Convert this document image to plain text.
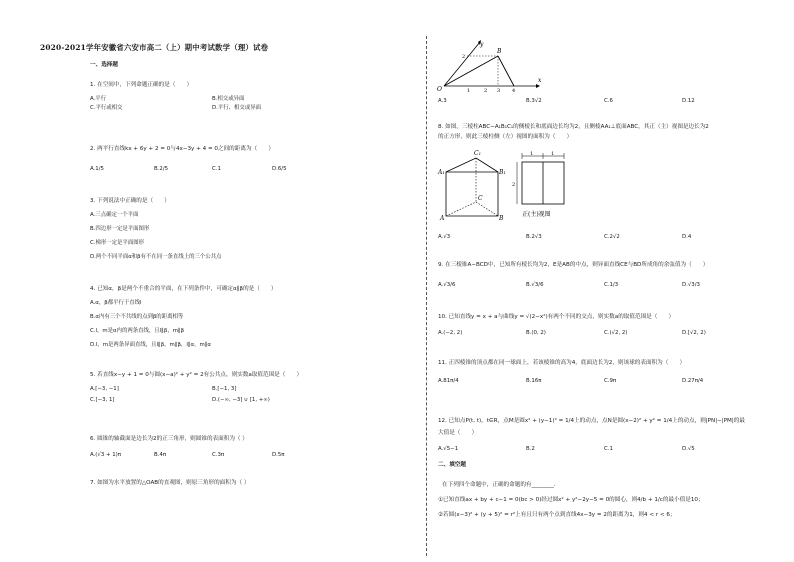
2020-2021学年安徽省六安市高二（上）期中考试数学（理）试卷
一、选择题
1. 在空间中，下列命题正确的是（　　）
A.平行	B.相交或异面
C.平行或相交	D.平行、相交或异面
2. 两平行直线kx + 6y + 2 = 0与4x−3y + 4 = 0之间的距离为（　　）
A.1/5	B.2/5	C.1	D.6/5
3. 下列说法中正确的是（　　）
A.三点确定一个平面
B.四边形一定是平面图形
C.梯形一定是平面图形
D.两个不同平面α和β有不在同一条直线上的三个公共点
4. 已知α，β是两个不重合的平面，在下列条件中，可确定α∥β的是（　　）
A.α，β都平行于直线l
B.α内有三个不共线的点到β的距离相等
C.l，m是α内的两条直线，且l∥β，m∥β
D.l，m是两条异面直线，且l∥β，m∥β，l∥α，m∥α
5. 若直线x−y + 1 = 0与圆(x−a)² + y² = 2有公共点，则实数a取值范围是（　　）
A.[−3, −1]	B.[−1, 3]
C.[−3, 1]	D.(−∞, −3] ∪ [1, +∞)
6. 圆锥的轴截面是边长为2的正三角形，则圆锥的表面积为（ ）
A.(√3 + 1)π	B.4π	C.3π	D.5π
7. 如图为水平放置的△OAB的直观图，则原三角形的面积为（ ）
y
x
O
B
2
1	2 3 4
A.3	B.3√2	C.6	D.12
8. 如图，三棱柱ABC−A₁B₁C₁的侧棱长和底面边长均为2，且侧棱AA₁⊥底面ABC，其正（主）视图是边长为2
的正方形，则此三棱柱侧（左）视图的面积为（　　）
C₁
A₁	B₁
A	B
C
1	1
2
正(主)视图
A.√3	B.2√3	C.2√2	D.4
9. 在三棱锥A−BCD中，已知所有棱长均为2，E是AB的中点，则异面直线CE与BD所成角的余弦值为（　　）
A.√3/6	B.√3/6	C.1/3	D.√3/3
10. 已知直线y = x + a与曲线y = √(2−x²)有两个不同的交点，则实数a的取值范围是（　　）
A.(−2, 2)	B.(0, 2)	C.(√2, 2)	D.[√2, 2)
11. 正四棱锥的顶点都在同一球面上，若该棱锥的高为4，底面边长为2，则该球的表面积为（　　）
A.81π/4	B.16π	C.9π	D.27π/4
12. 已知点P(t, t)，t∈R，点M是圆x² + (y−1)² = 1/4上的动点，点N是圆(x−2)² + y² = 1/4上的动点，则|PN|−|PM|的最
大值是（　　）
A.√5−1	B.2	C.1	D.√5
二、填空题
在下列四个命题中，正确的命题的有________.
①已知直线ax + by + c−1 = 0(bc > 0)经过圆x² + y²−2y−5 = 0的圆心，则4/b + 1/c的最小值是10；
②若圆(x−3)² + (y + 5)² = r²上有且只有两个点到直线4x−3y = 2的距离为1，则4 < r < 6；
